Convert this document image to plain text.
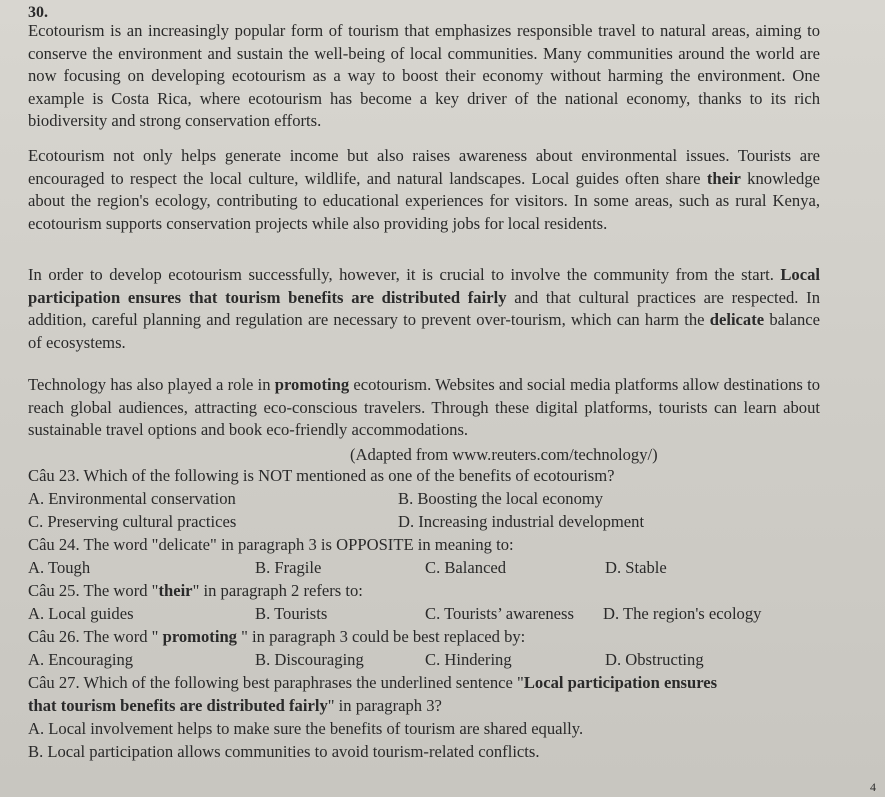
30.
Ecotourism is an increasingly popular form of tourism that emphasizes responsible travel to natural areas, aiming to conserve the environment and sustain the well-being of local communities. Many communities around the world are now focusing on developing ecotourism as a way to boost their economy without harming the environment. One example is Costa Rica, where ecotourism has become a key driver of the national economy, thanks to its rich biodiversity and strong conservation efforts.
Ecotourism not only helps generate income but also raises awareness about environmental issues. Tourists are encouraged to respect the local culture, wildlife, and natural landscapes. Local guides often share their knowledge about the region's ecology, contributing to educational experiences for visitors. In some areas, such as rural Kenya, ecotourism supports conservation projects while also providing jobs for local residents.
In order to develop ecotourism successfully, however, it is crucial to involve the community from the start. Local participation ensures that tourism benefits are distributed fairly and that cultural practices are respected. In addition, careful planning and regulation are necessary to prevent over-tourism, which can harm the delicate balance of ecosystems.
Technology has also played a role in promoting ecotourism. Websites and social media platforms allow destinations to reach global audiences, attracting eco-conscious travelers. Through these digital platforms, tourists can learn about sustainable travel options and book eco-friendly accommodations.
(Adapted from www.reuters.com/technology/)
Câu 23. Which of the following is NOT mentioned as one of the benefits of ecotourism?
A. Environmental conservation	B. Boosting the local economy
C. Preserving cultural practices	D. Increasing industrial development
Câu 24. The word "delicate" in paragraph 3 is OPPOSITE in meaning to:
A. Tough	B. Fragile	C. Balanced	D. Stable
Câu 25. The word "their" in paragraph 2 refers to:
A. Local guides	B. Tourists	C. Tourists’ awareness D. The region's ecology
Câu 26. The word " promoting " in paragraph 3 could be best replaced by:
A. Encouraging	B. Discouraging	C. Hindering	D. Obstructing
Câu 27. Which of the following best paraphrases the underlined sentence "Local participation ensures
that tourism benefits are distributed fairly" in paragraph 3?
A. Local involvement helps to make sure the benefits of tourism are shared equally.
B. Local participation allows communities to avoid tourism-related conflicts.
4
